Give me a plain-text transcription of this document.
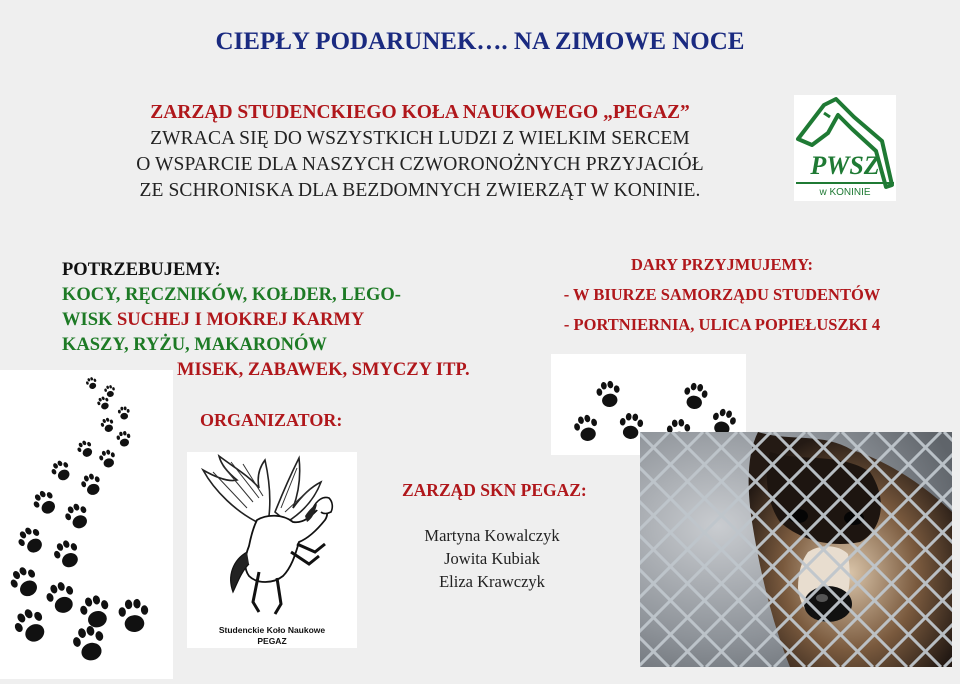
CIEPŁY PODARUNEK…. NA ZIMOWE NOCE
ZARZĄD STUDENCKIEGO KOŁA NAUKOWEGO „PEGAZ”
ZWRACA SIĘ DO WSZYSTKICH LUDZI Z WIELKIM SERCEM
O WSPARCIE DLA NASZYCH CZWORONOŻNYCH PRZYJACIÓŁ
ZE SCHRONISKA DLA BEZDOMNYCH ZWIERZĄT W KONINIE.
PWSZ
w KONINIE
POTRZEBUJEMY:
KOCY, RĘCZNIKÓW, KOŁDER, LEGO-
WISK SUCHEJ I MOKREJ KARMY
KASZY, RYŻU, MAKARONÓW
MISEK, ZABAWEK, SMYCZY ITP.
DARY PRZYJMUJEMY:
- W BIURZE SAMORZĄDU STUDENTÓW
- PORTNIERNIA, ULICA POPIEŁUSZKI 4
ORGANIZATOR:
Studenckie Koło Naukowe
PEGAZ
ZARZĄD SKN PEGAZ:
Martyna Kowalczyk
Jowita Kubiak
Eliza Krawczyk
